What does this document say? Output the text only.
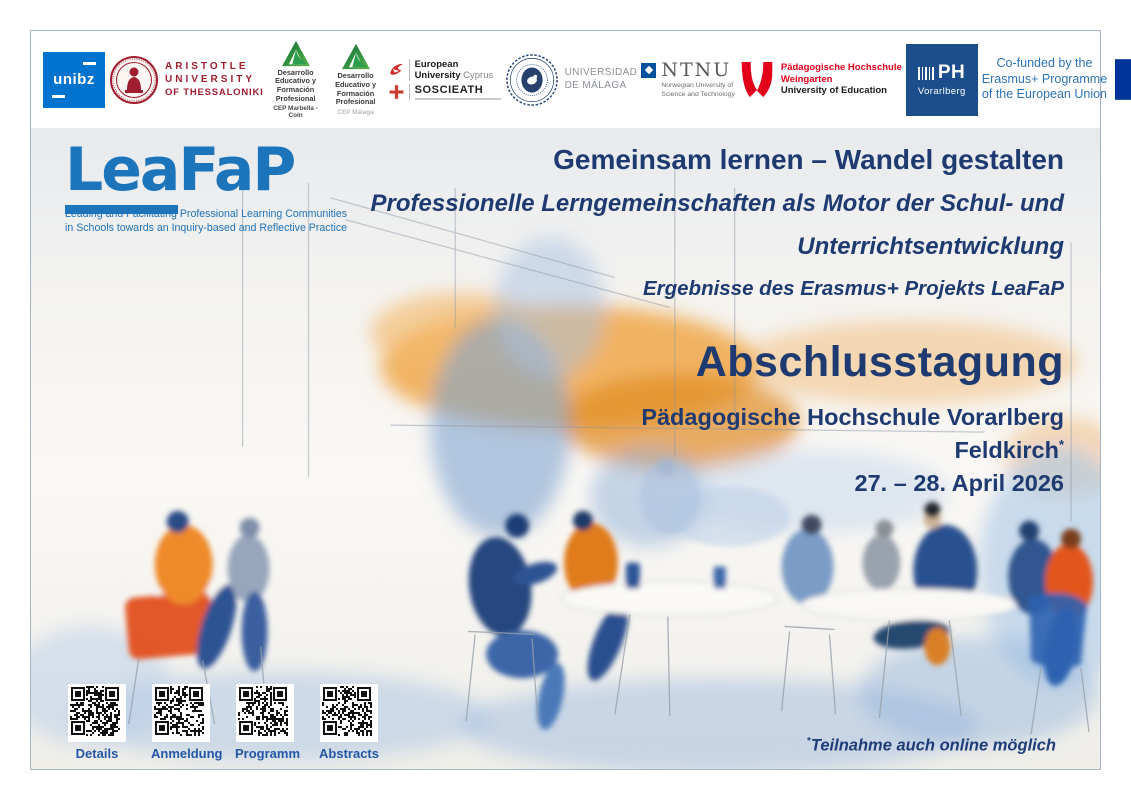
unibz
ARISTOTLE
UNIVERSITY
OF THESSALONIKI
Desarrollo
Educativo y
Formación
Profesional
CEP Marbella - Coín
Desarrollo
Educativo y
Formación
Profesional
CEP Málaga
European
University Cyprus
SOSCIEATH
UNIVERSIDAD
DE MÁLAGA
NTNU
Norwegian University of
Science and Technology
Pädagogische Hochschule
Weingarten
University of Education
PH
Vorarlberg
Co-funded by the
Erasmus+ Programme
of the European Union
LeaFaP
Leading and Facilitating Professional Learning Communities
in Schools towards an Inquiry-based and Reflective Practice
Gemeinsam lernen – Wandel gestalten
Professionelle Lerngemeinschaften als Motor der Schul- und
Unterrichtsentwicklung
Ergebnisse des Erasmus+ Projekts LeaFaP
Abschlusstagung
Pädagogische Hochschule Vorarlberg
Feldkirch*
27. – 28. April 2026
Details	Anmeldung Programm Abstracts
*Teilnahme auch online möglich
